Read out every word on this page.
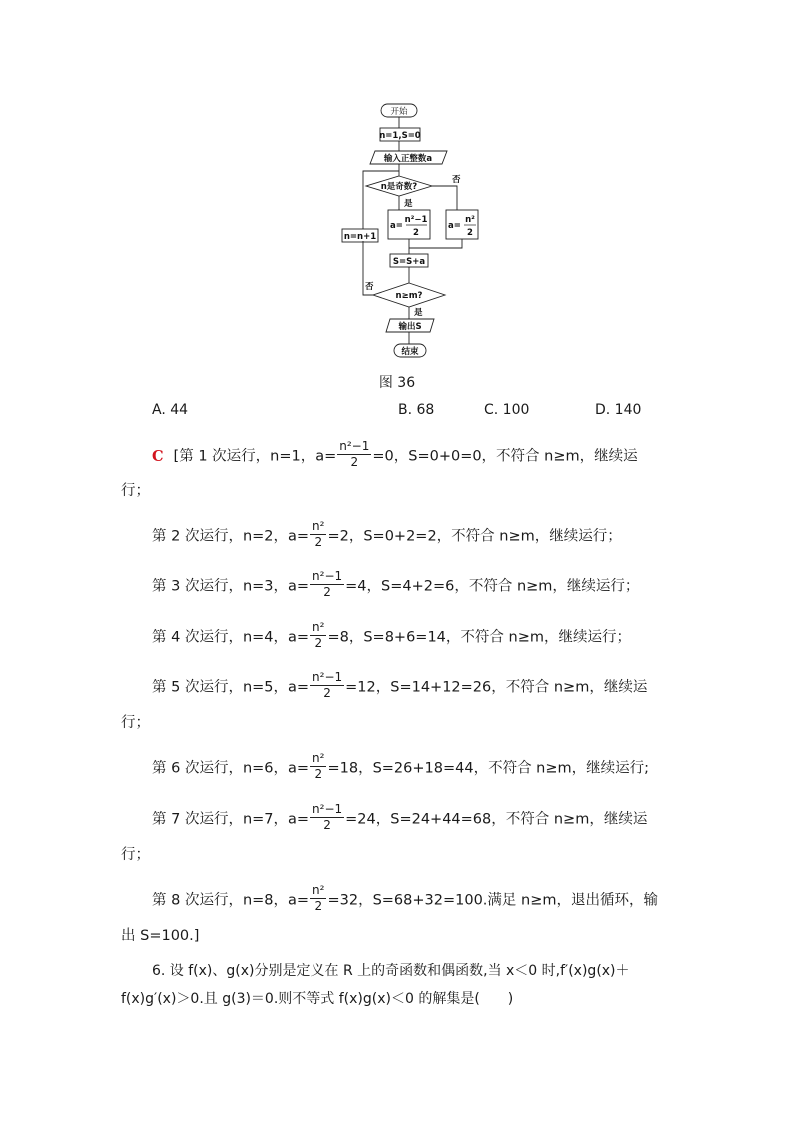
开始
n=1,S=0
输入正整数a
n是奇数?
是
否
a=
n²−1
2
a=
n²
2
n=n+1
S=S+a
否
n≥m?
是
输出S
结束
图 36
A. 44	B. 68	C. 100	D. 140
C [第 1 次运行，n=1，$a= \frac{\text{n²−1}}{2} =0$，S=0+0=0，不符合 n≥m，继续运
行；
第 2 次运行，n=2，$a= \frac{\text{n²}}{2} =2$，S=0+2=2，不符合 n≥m，继续运行；
第 3 次运行，n=3，$a= \frac{\text{n²−1}}{2} =4$，S=4+2=6，不符合 n≥m，继续运行；
第 4 次运行，n=4，$a= \frac{\text{n²}}{2} =8$，S=8+6=14，不符合 n≥m，继续运行；
第 5 次运行，n=5，$a= \frac{\text{n²−1}}{2} =12$，S=14+12=26，不符合 n≥m，继续运
行；
第 6 次运行，n=6，$a= \frac{\text{n²}}{2} =18$，S=26+18=44，不符合 n≥m，继续运行;
第 7 次运行，n=7，$a= \frac{\text{n²−1}}{2} =24$，S=24+44=68，不符合 n≥m，继续运
行；
第 8 次运行，n=8，$a= \frac{\text{n²}}{2} =32$，S=68+32=100.满足 n≥m，退出循环，输
出 S=100.]
6. 设 f(x)、g(x)分别是定义在 R 上的奇函数和偶函数,当 x＜0 时,f′(x)g(x)＋
f(x)g′(x)＞0.且 g(3)＝0.则不等式 f(x)g(x)＜0 的解集是(　　)
